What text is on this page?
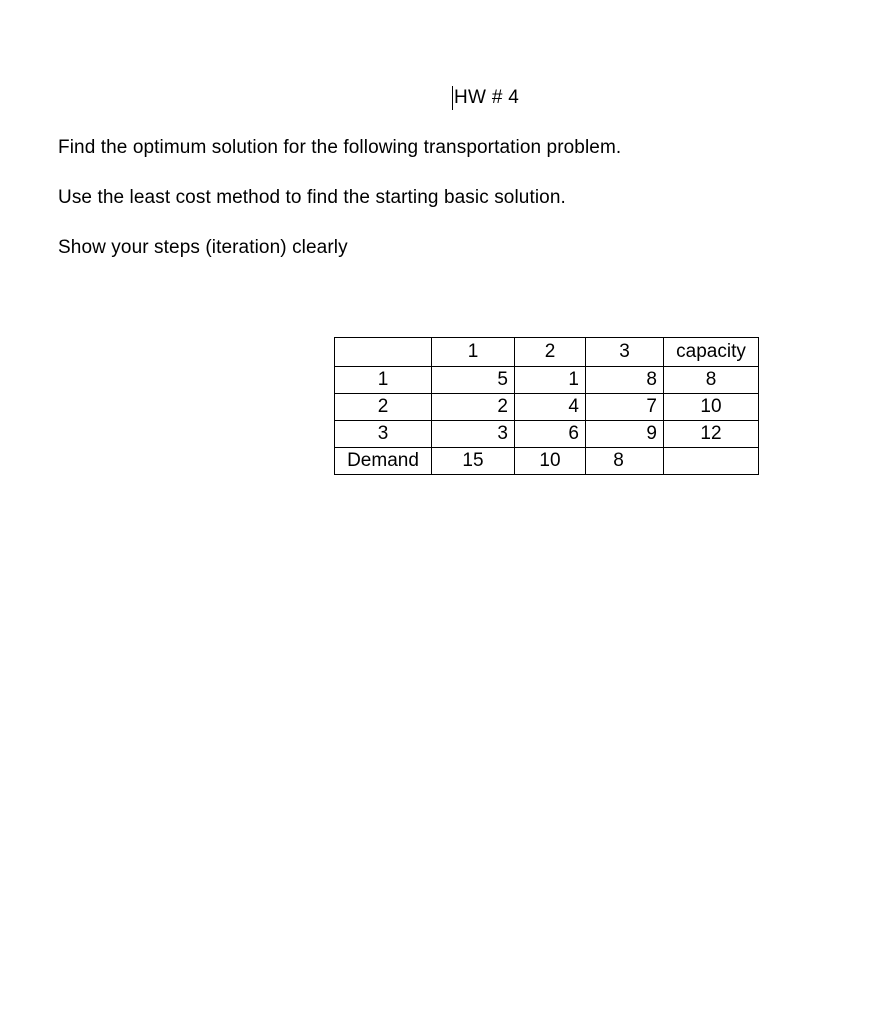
HW # 4
Find the optimum solution for the following transportation problem.
Use the least cost method to find the starting basic solution.
Show your steps (iteration) clearly
	1	2	3	capacity
1	5	1	8	8
2	2	4	7	10
3	3	6	9	12
Demand	15	10	8	
